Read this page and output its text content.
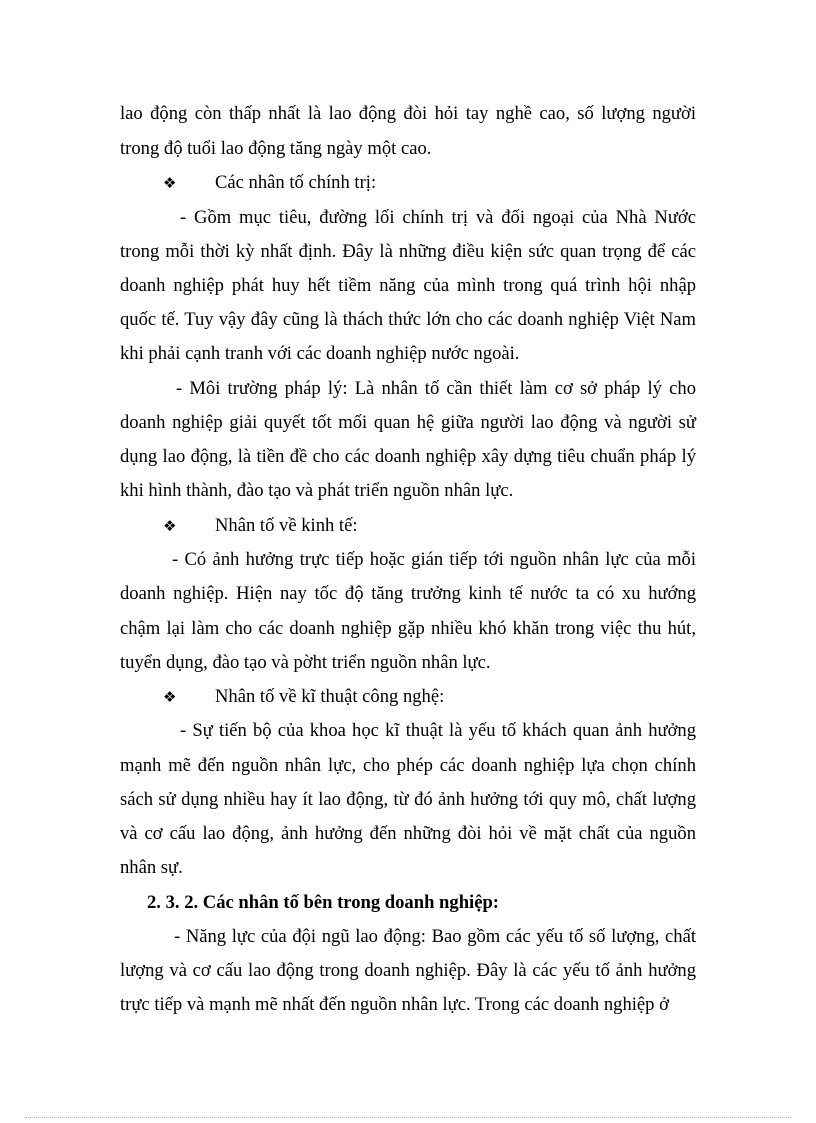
lao động còn thấp nhất là lao động đòi hỏi tay nghề cao, số lượng người
trong độ tuổi lao động tăng ngày một cao.
❖ Các nhân tố chính trị:
- Gồm mục tiêu, đường lối chính trị và đối ngoại của Nhà Nước
trong mỗi thời kỳ nhất định. Đây là những điều kiện sức quan trọng để các
doanh nghiệp phát huy hết tiềm năng của mình trong quá trình hội nhập
quốc tế. Tuy vậy đây cũng là thách thức lớn cho các doanh nghiệp Việt Nam
khi phải cạnh tranh với các doanh nghiệp nước ngoài.
- Môi trường pháp lý: Là nhân tố cần thiết làm cơ sở pháp lý cho
doanh nghiệp giải quyết tốt mối quan hệ giữa người lao động và người sử
dụng lao động, là tiền đề cho các doanh nghiệp xây dựng tiêu chuẩn pháp lý
khi hình thành, đào tạo và phát triển nguồn nhân lực.
❖ Nhân tố về kinh tế:
- Có ảnh hưởng trực tiếp hoặc gián tiếp tới nguồn nhân lực của mỗi
doanh nghiệp. Hiện nay tốc độ tăng trưởng kinh tế nước ta có xu hướng
chậm lại làm cho các doanh nghiệp gặp nhiều khó khăn trong việc thu hút,
tuyển dụng, đào tạo và pờht triển nguồn nhân lực.
❖ Nhân tố về kĩ thuật công nghệ:
- Sự tiến bộ của khoa học kĩ thuật là yếu tố khách quan ảnh hưởng
mạnh mẽ đến nguồn nhân lực, cho phép các doanh nghiệp lựa chọn chính
sách sử dụng nhiều hay ít lao động, từ đó ảnh hưởng tới quy mô, chất lượng
và cơ cấu lao động, ảnh hưởng đến những đòi hỏi về mặt chất của nguồn
nhân sự.
2. 3. 2. Các nhân tố bên trong doanh nghiệp:
- Năng lực của đội ngũ lao động: Bao gồm các yếu tố số lượng, chất
lượng và cơ cấu lao động trong doanh nghiệp. Đây là các yếu tố ảnh hưởng
trực tiếp và mạnh mẽ nhất đến nguồn nhân lực. Trong các doanh nghiệp ở
